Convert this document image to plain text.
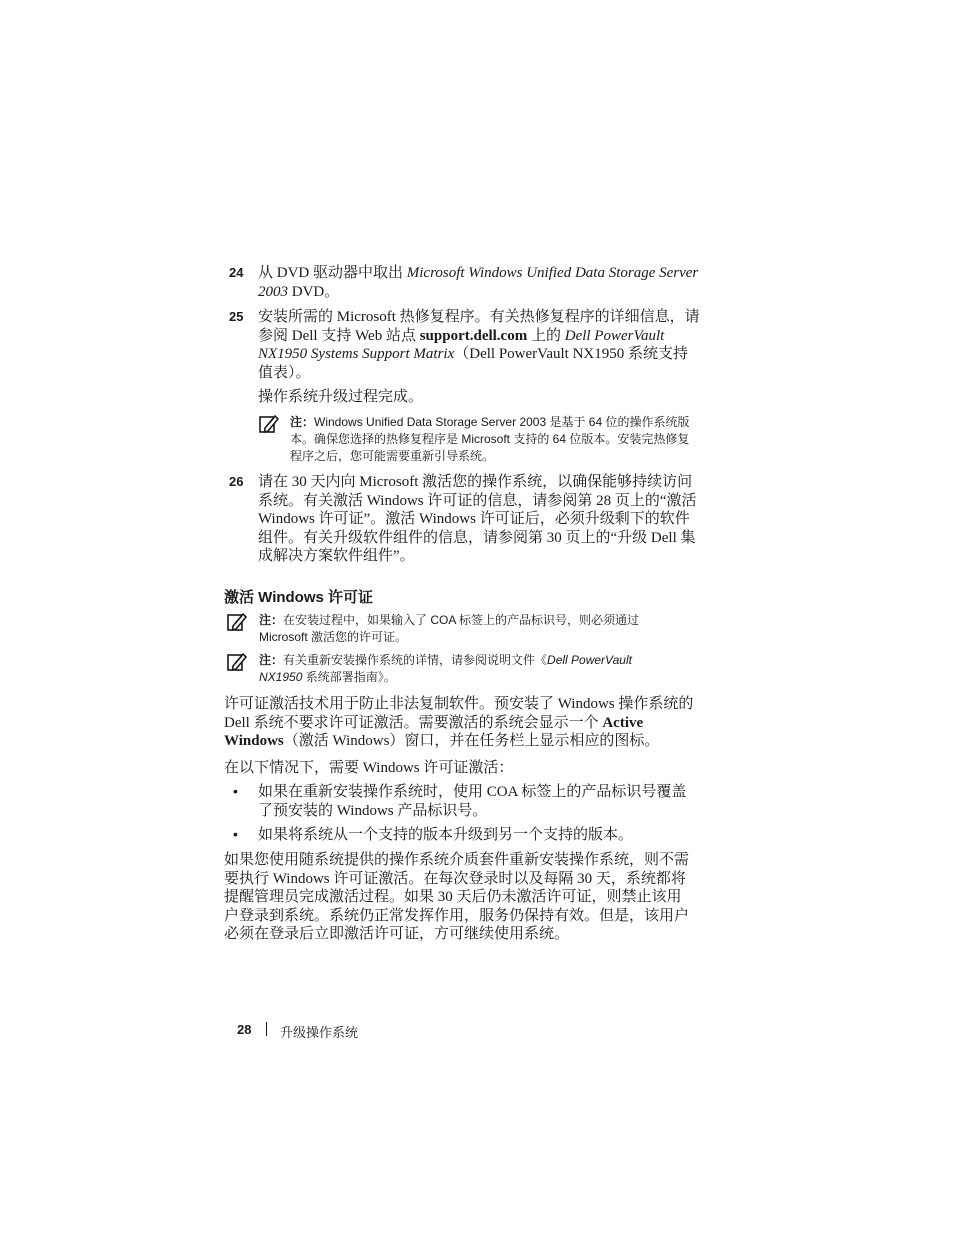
24 从 DVD 驱动器中取出 Microsoft Windows Unified Data Storage Server 2003 DVD。
25 安装所需的 Microsoft 热修复程序。有关热修复程序的详细信息，请参阅 Dell 支持 Web 站点 support.dell.com 上的 Dell PowerVault NX1950 Systems Support Matrix（Dell PowerVault NX1950 系统支持值表）。
操作系统升级过程完成。
注：Windows Unified Data Storage Server 2003 是基于 64 位的操作系统版本。确保您选择的热修复程序是 Microsoft 支持的 64 位版本。安装完热修复程序之后，您可能需要重新引导系统。
26 请在 30 天内向 Microsoft 激活您的操作系统，以确保能够持续访问系统。有关激活 Windows 许可证的信息，请参阅第 28 页上的“激活 Windows 许可证”。激活 Windows 许可证后，必须升级剩下的软件组件。有关升级软件组件的信息，请参阅第 30 页上的“升级 Dell 集成解决方案软件组件”。
激活 Windows 许可证
注：在安装过程中，如果输入了 COA 标签上的产品标识号，则必须通过 Microsoft 激活您的许可证。
注：有关重新安装操作系统的详情，请参阅说明文件《Dell PowerVault NX1950 系统部署指南》。
许可证激活技术用于防止非法复制软件。预安装了 Windows 操作系统的 Dell 系统不要求许可证激活。需要激活的系统会显示一个 Active Windows（激活 Windows）窗口，并在任务栏上显示相应的图标。
在以下情况下，需要 Windows 许可证激活：
• 如果在重新安装操作系统时，使用 COA 标签上的产品标识号覆盖了预安装的 Windows 产品标识号。
• 如果将系统从一个支持的版本升级到另一个支持的版本。
如果您使用随系统提供的操作系统介质套件重新安装操作系统，则不需要执行 Windows 许可证激活。在每次登录时以及每隔 30 天，系统都将提醒管理员完成激活过程。如果 30 天后仍未激活许可证，则禁止该用户登录到系统。系统仍正常发挥作用，服务仍保持有效。但是，该用户必须在登录后立即激活许可证，方可继续使用系统。
28 升级操作系统
